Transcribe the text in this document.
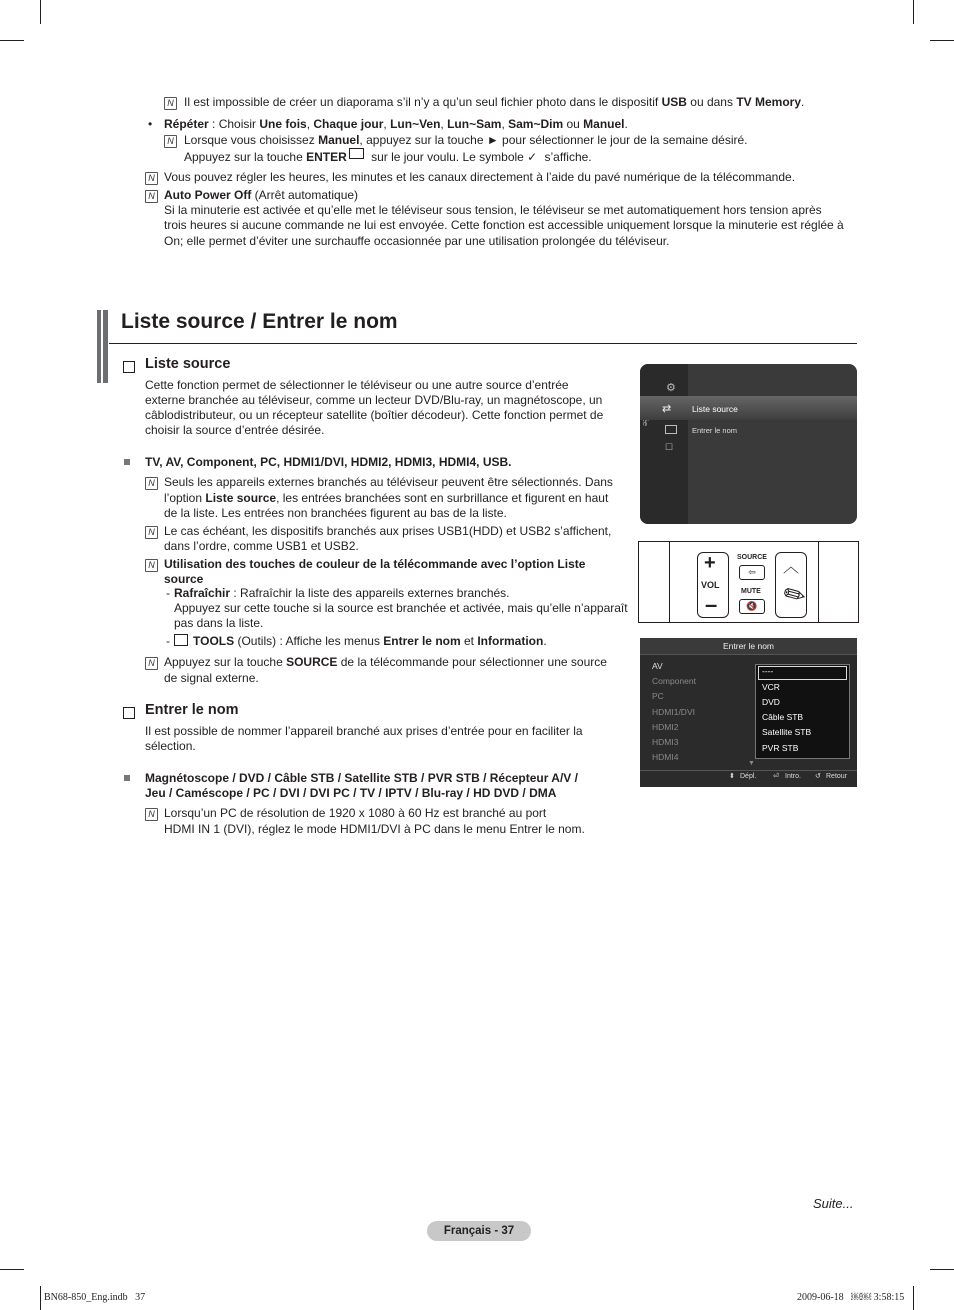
N Il est impossible de créer un diaporama s’il n’y a qu’un seul fichier photo dans le dispositif USB ou dans TV Memory.
• Répéter : Choisir Une fois, Chaque jour, Lun~Ven, Lun~Sam, Sam~Dim ou Manuel.
N Lorsque vous choisissez Manuel, appuyez sur la touche ► pour sélectionner le jour de la semaine désiré.
Appuyez sur la touche ENTER sur le jour voulu. Le symbole ✓ s’affiche.
N Vous pouvez régler les heures, les minutes et les canaux directement à l’aide du pavé numérique de la télécommande.
N Auto Power Off (Arrêt automatique)
Si la minuterie est activée et qu’elle met le téléviseur sous tension, le téléviseur se met automatiquement hors tension après
trois heures si aucune commande ne lui est envoyée. Cette fonction est accessible uniquement lorsque la minuterie est réglée à
On; elle permet d’éviter une surchauffe occasionnée par une utilisation prolongée du téléviseur.
Liste source / Entrer le nom
Liste source
Cette fonction permet de sélectionner le téléviseur ou une autre source d’entrée
externe branchée au téléviseur, comme un lecteur DVD/Blu-ray, un magnétoscope, un
câblodistributeur, ou un récepteur satellite (boîtier décodeur). Cette fonction permet de
choisir la source d’entrée désirée.
TV, AV, Component, PC, HDMI1/DVI, HDMI2, HDMI3, HDMI4, USB.
N Seuls les appareils externes branchés au téléviseur peuvent être sélectionnés. Dans
l’option Liste source, les entrées branchées sont en surbrillance et figurent en haut
de la liste. Les entrées non branchées figurent au bas de la liste.
N Le cas échéant, les dispositifs branchés aux prises USB1(HDD) et USB2 s’affichent,
dans l’ordre, comme USB1 et USB2.
N Utilisation des touches de couleur de la télécommande avec l’option Liste
source
- Rafraîchir : Rafraîchir la liste des appareils externes branchés.
Appuyez sur cette touche si la source est branchée et activée, mais qu’elle n’apparaît
pas dans la liste.
-	TOOLS (Outils) : Affiche les menus Entrer le nom et Information.
N Appuyez sur la touche SOURCE de la télécommande pour sélectionner une source
de signal externe.
Entrer le nom
Il est possible de nommer l’appareil branché aux prises d’entrée pour en faciliter la
sélection.
Magnétoscope / DVD / Câble STB / Satellite STB / PVR STB / Récepteur A/V /
Jeu / Caméscope / PC / DVI / DVI PC / TV / IPTV / Blu-ray / HD DVD / DMA
N Lorsqu’un PC de résolution de 1920 x 1080 à 60 Hz est branché au port
HDMI IN 1 (DVI), réglez le mode HDMI1/DVI à PC dans le menu Entrer le nom.
⚙
⇄ Liste source
Entrer le nom
☐
+
VOL
–
SOURCE
⇦
MUTE
🔇
︿
✎
Entrer le nom
AV
Component
PC
HDMI1/DVI
HDMI2
HDMI3
HDMI4
▼
----
VCR
DVD
Câble STB
Satellite STB
PVR STB
⬍ Dépl. ⏎ Intro. ↺ Retour
Suite...
Français - 37
BN68-850_Eng.indb   37	2009-06-18   ￼￼ 3:58:15
